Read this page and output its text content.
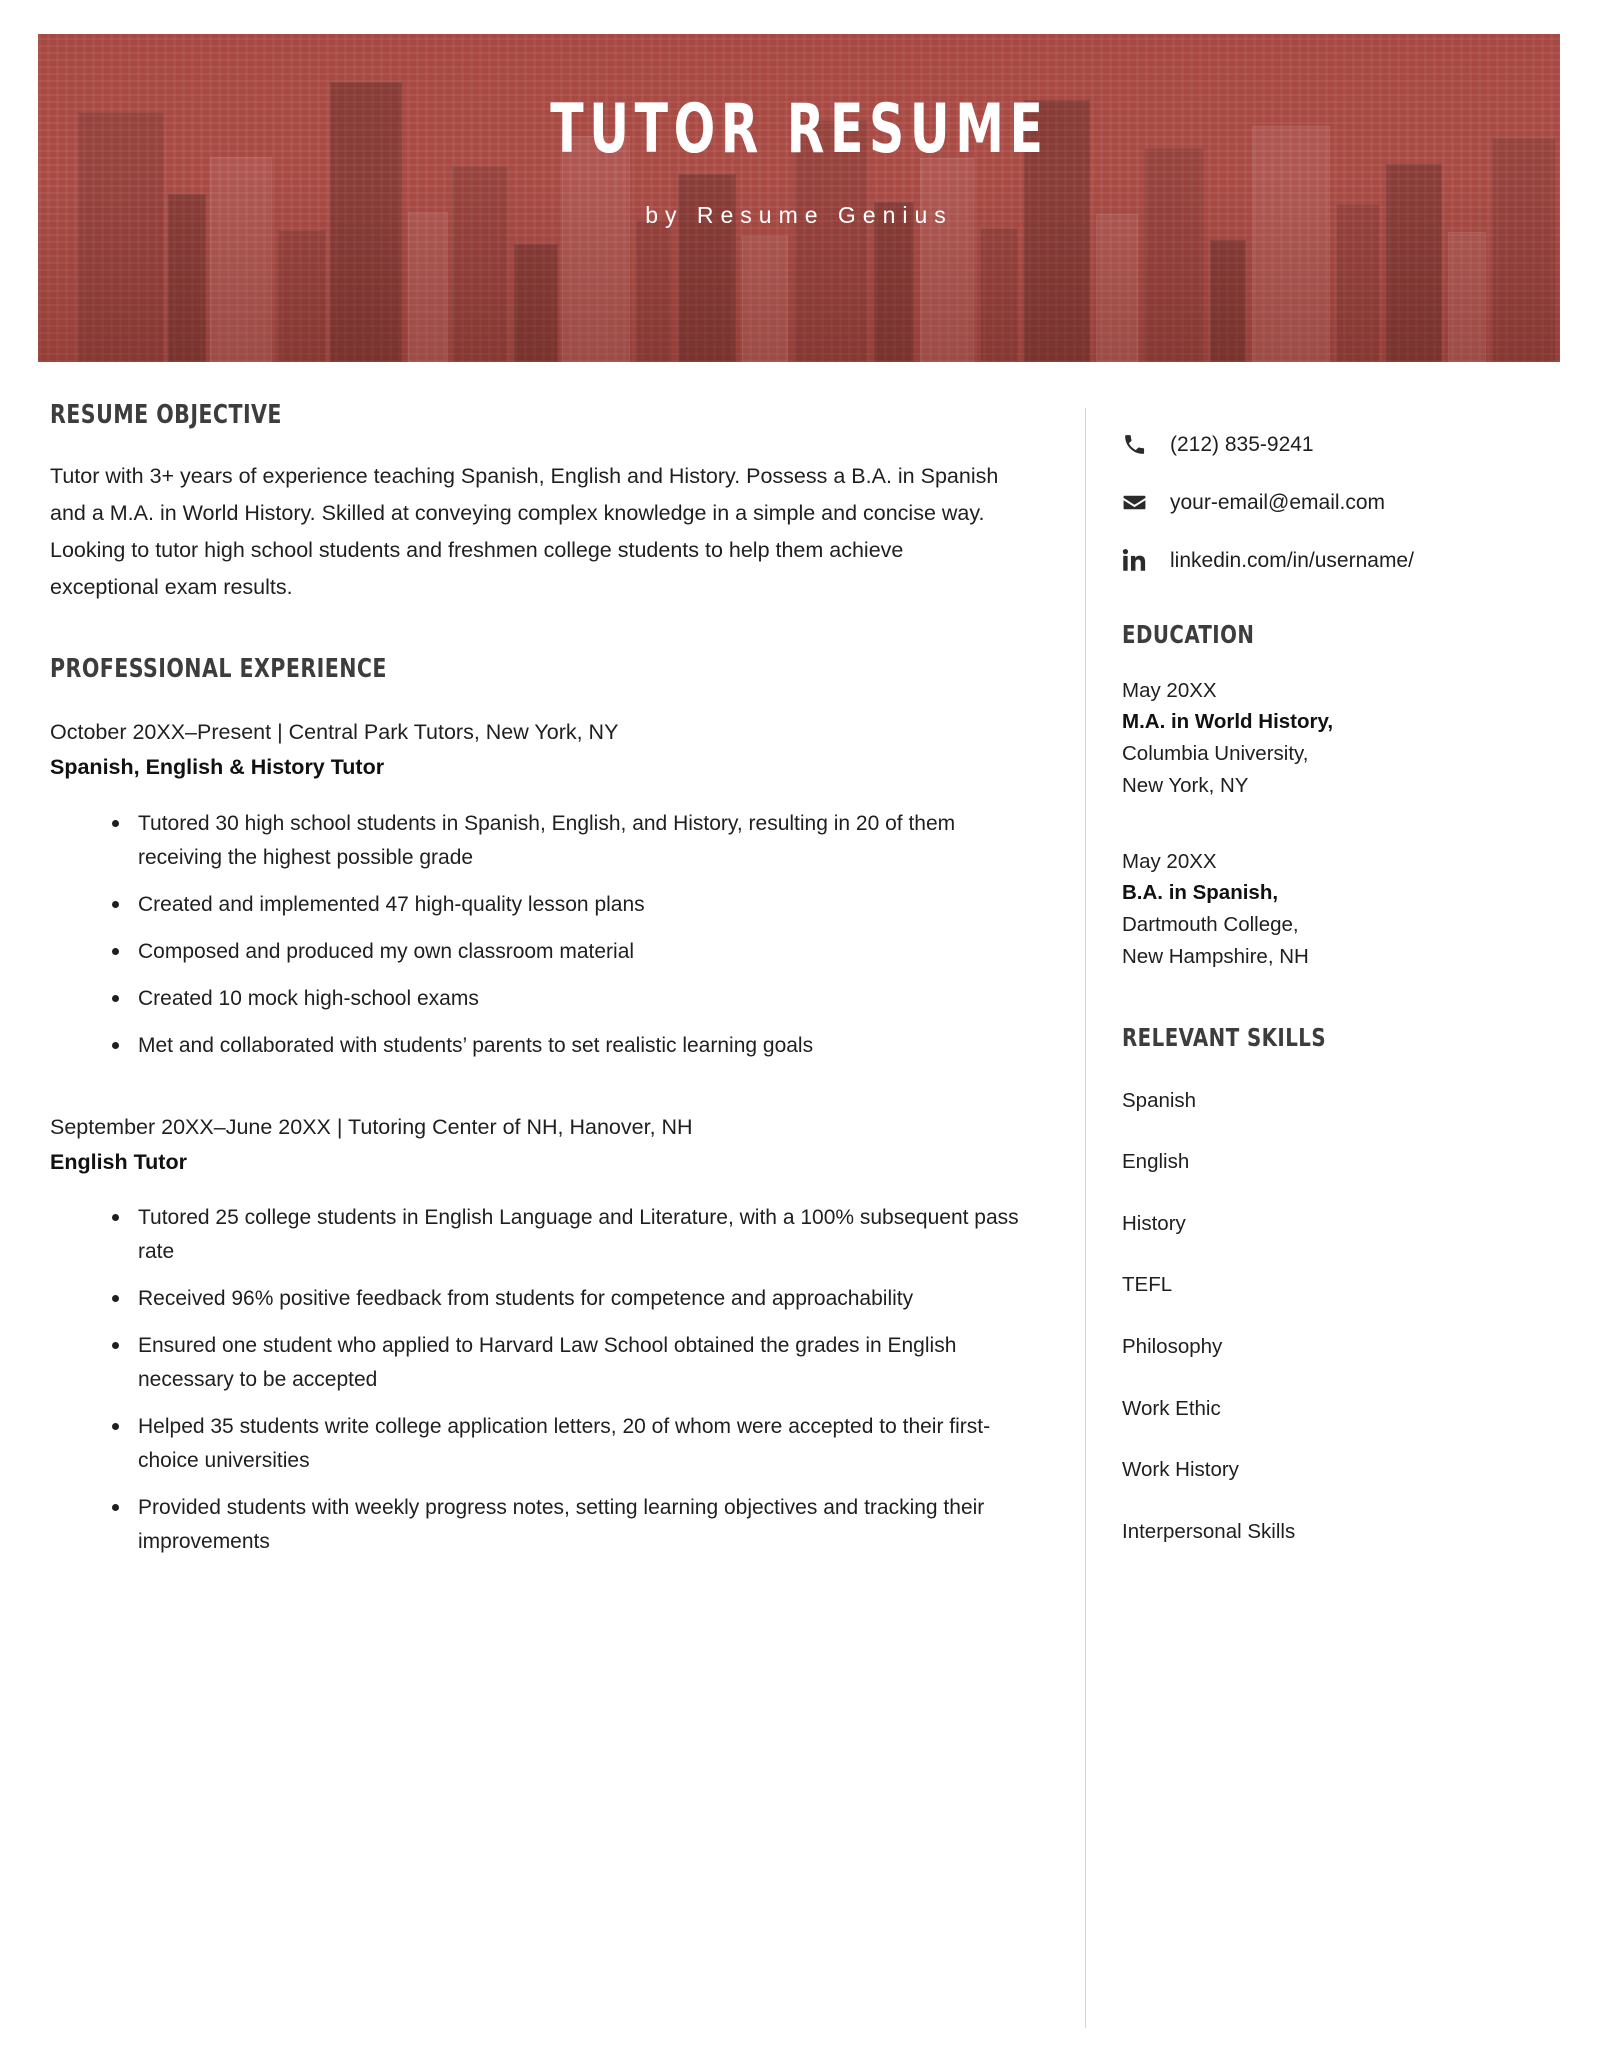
TUTOR RESUME
by Resume Genius
RESUME OBJECTIVE
Tutor with 3+ years of experience teaching Spanish, English and History. Possess a B.A. in Spanish and a M.A. in World History. Skilled at conveying complex knowledge in a simple and concise way. Looking to tutor high school students and freshmen college students to help them achieve exceptional exam results.
PROFESSIONAL EXPERIENCE
October 20XX–Present | Central Park Tutors, New York, NY
Spanish, English & History Tutor
Tutored 30 high school students in Spanish, English, and History, resulting in 20 of them receiving the highest possible grade
Created and implemented 47 high-quality lesson plans
Composed and produced my own classroom material
Created 10 mock high-school exams
Met and collaborated with students’ parents to set realistic learning goals
September 20XX–June 20XX | Tutoring Center of NH, Hanover, NH
English Tutor
Tutored 25 college students in English Language and Literature, with a 100% subsequent pass rate
Received 96% positive feedback from students for competence and approachability
Ensured one student who applied to Harvard Law School obtained the grades in English necessary to be accepted
Helped 35 students write college application letters, 20 of whom were accepted to their first-choice universities
Provided students with weekly progress notes, setting learning objectives and tracking their improvements
(212) 835-9241
your-email@email.com
linkedin.com/in/username/
EDUCATION
May 20XX
M.A. in World History,
Columbia University,
New York, NY
May 20XX
B.A. in Spanish,
Dartmouth College,
New Hampshire, NH
RELEVANT SKILLS
Spanish
English
History
TEFL
Philosophy
Work Ethic
Work History
Interpersonal Skills
